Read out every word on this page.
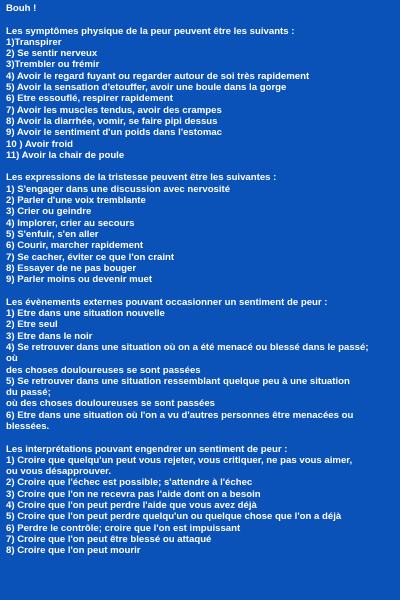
Bouh !
Les symptômes physique de la peur peuvent être les suivants :
1)Transpirer
2) Se sentir nerveux
3)Trembler ou frémir
4) Avoir le regard fuyant ou regarder autour de soi très rapidement
5) Avoir la sensation d'etouffer, avoir une boule dans la gorge
6) Etre essouflé, respirer rapidement
7) Avoir les muscles tendus, avoir des crampes
8) Avoir la diarrhée, vomir, se faire pipi dessus
9) Avoir le sentiment d'un poids dans l'estomac
10 ) Avoir froid
11) Avoir la chair de poule
Les expressions de la tristesse peuvent être les suivantes :
1) S'engager dans une discussion avec nervosité
2) Parler d'une voix tremblante
3) Crier ou geindre
4) Implorer, crier au secours
5) S'enfuir, s'en aller
6) Courir, marcher rapidement
7) Se cacher, éviter ce que l'on craint
8) Essayer de ne pas bouger
9) Parler moins ou devenir muet
Les évènements externes pouvant occasionner un sentiment de peur :
1) Etre dans une situation nouvelle
2) Etre seul
3) Etre dans le noir
4) Se retrouver dans une situation où on a été menacé ou blessé dans le passé;
où
des choses douloureuses se sont passées
5) Se retrouver dans une situation ressemblant quelque peu à une situation
du passé;
où des choses douloureuses se sont passées
6) Etre dans une situation où l'on a vu d'autres personnes être menacées ou
blessées.
Les interprétations pouvant engendrer un sentiment de peur :
1) Croire que quelqu'un peut vous rejeter, vous critiquer, ne pas vous aimer,
ou vous désapprouver.
2) Croire que l'échec est possible; s'attendre à l'échec
3) Croire que l'on ne recevra pas l'aide dont on a besoin
4) Croire que l'on peut perdre l'aide que vous avez déjà
5) Croire que l'on peut perdre quelqu'un ou quelque chose que l'on a déjà
6) Perdre le contrôle; croire que l'on est impuissant
7) Croire que l'on peut être blessé ou attaqué
8) Croire que l'on peut mourir
